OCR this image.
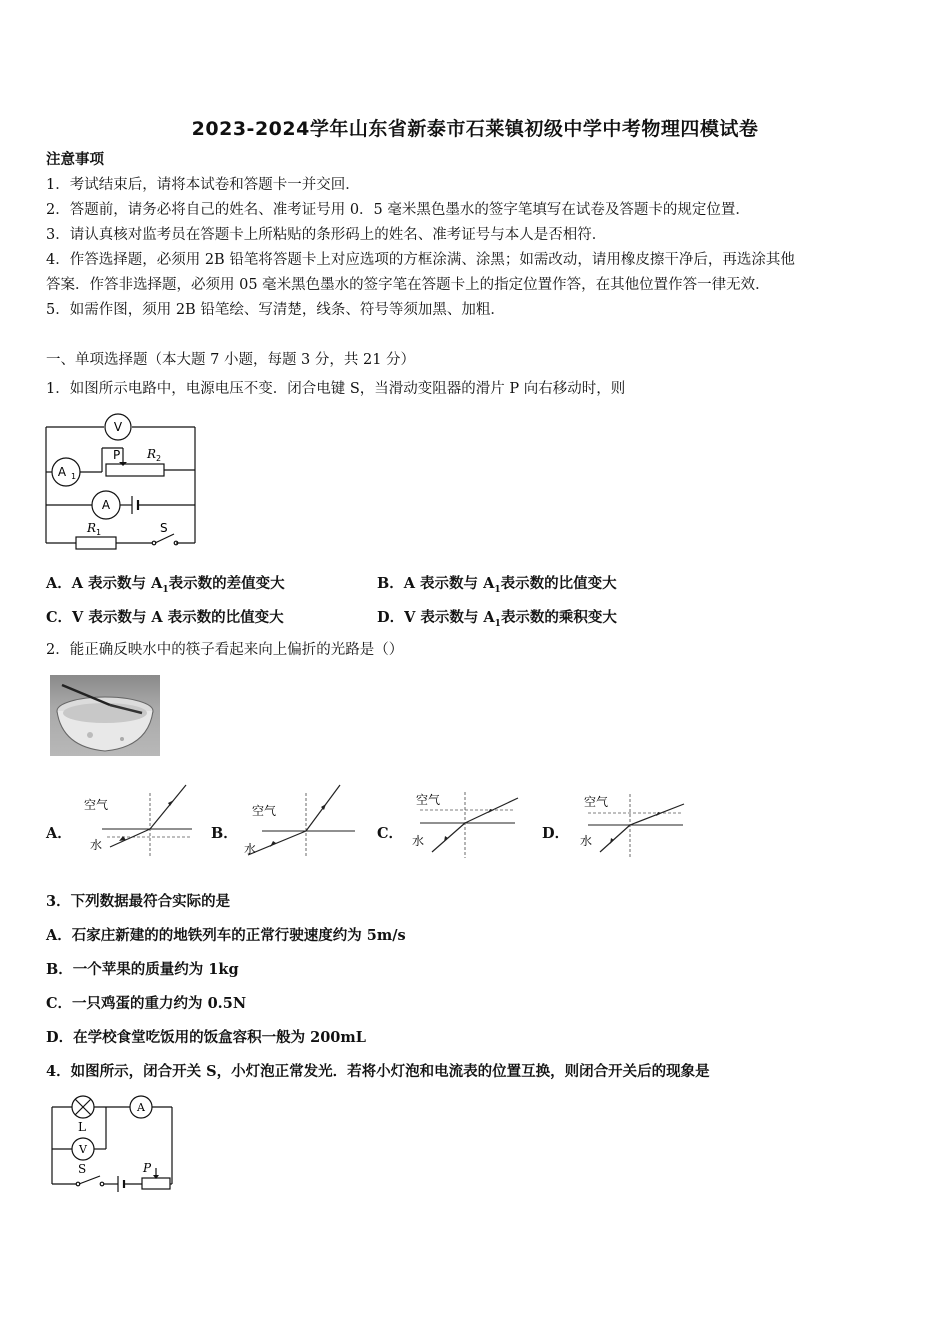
2023-2024学年山东省新泰市石莱镇初级中学中考物理四模试卷
注意事项
1．考试结束后，请将本试卷和答题卡一并交回．
2．答题前，请务必将自己的姓名、准考证号用 0．5 毫米黑色墨水的签字笔填写在试卷及答题卡的规定位置．
3．请认真核对监考员在答题卡上所粘贴的条形码上的姓名、准考证号与本人是否相符．
4．作答选择题，必须用 2B 铅笔将答题卡上对应选项的方框涂满、涂黑；如需改动，请用橡皮擦干净后，再选涂其他
答案．作答非选择题，必须用 05 毫米黑色墨水的签字笔在答题卡上的指定位置作答，在其他位置作答一律无效．
5．如需作图，须用 2B 铅笔绘、写清楚，线条、符号等须加黑、加粗．
一、单项选择题（本大题 7 小题，每题 3 分，共 21 分）
1．如图所示电路中，电源电压不变．闭合电键 S，当滑动变阻器的滑片 P 向右移动时，则
V
A 1
A
P R 2
R 1	S
A．A 表示数与 $A_1$表示数的差值变大	B．A 表示数与 $A_1$表示数的比值变大
C．V 表示数与 A 表示数的比值变大	D．V 表示数与 $A_1$表示数的乘积变大
2．能正确反映水中的筷子看起来向上偏折的光路是（）
A．	B．	C．	D．
空气
水
空气
水
空气
水
空气
水
3．下列数据最符合实际的是
A．石家庄新建的的地铁列车的正常行驶速度约为 5m/s
B．一个苹果的质量约为 1kg
C．一只鸡蛋的重力约为 0.5N
D．在学校食堂吃饭用的饭盒容积一般为 200mL
4．如图所示，闭合开关 S，小灯泡正常发光．若将小灯泡和电流表的位置互换，则闭合开关后的现象是
A
L
V
S	P
